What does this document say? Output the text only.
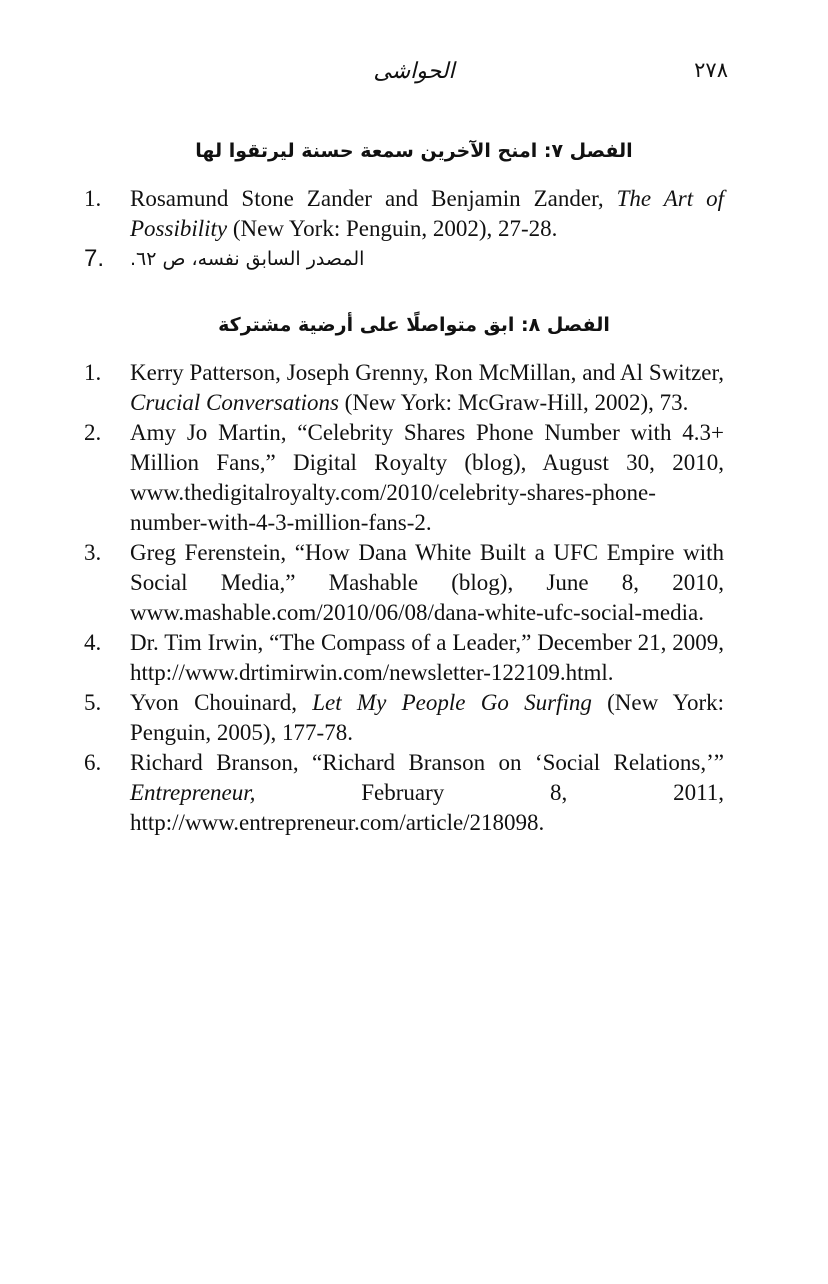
٢٧٨
الحواشى
الفصل ٧: امنح الآخرين سمعة حسنة ليرتقوا لها
1. Rosamund Stone Zander and Benjamin Zander, The Art of Possibility (New York: Penguin, 2002), 27-28.
7. المصدر السابق نفسه، ص ٦٢.
الفصل ٨: ابق متواصلًا على أرضية مشتركة
1. Kerry Patterson, Joseph Grenny, Ron McMillan, and Al Switzer, Crucial Conversations (New York: McGraw-Hill, 2002), 73.
2. Amy Jo Martin, “Celebrity Shares Phone Number with 4.3+ Million Fans,” Digital Royalty (blog), August 30, 2010, www.thedigitalroyalty.com/2010/celebrity-shares-phone-number-with-4-3-million-fans-2.
3. Greg Ferenstein, “How Dana White Built a UFC Empire with Social Media,” Mashable (blog), June 8, 2010, www.mashable.com/2010/06/08/dana-white-ufc-social-media.
4. Dr. Tim Irwin, “The Compass of a Leader,” December 21, 2009, http://www.drtimirwin.com/newsletter-122109.html.
5. Yvon Chouinard, Let My People Go Surfing (New York: Penguin, 2005), 177-78.
6. Richard Branson, “Richard Branson on ‘Social Relations,’” Entrepreneur, February 8, 2011, http://www.entrepreneur.com/article/218098.
